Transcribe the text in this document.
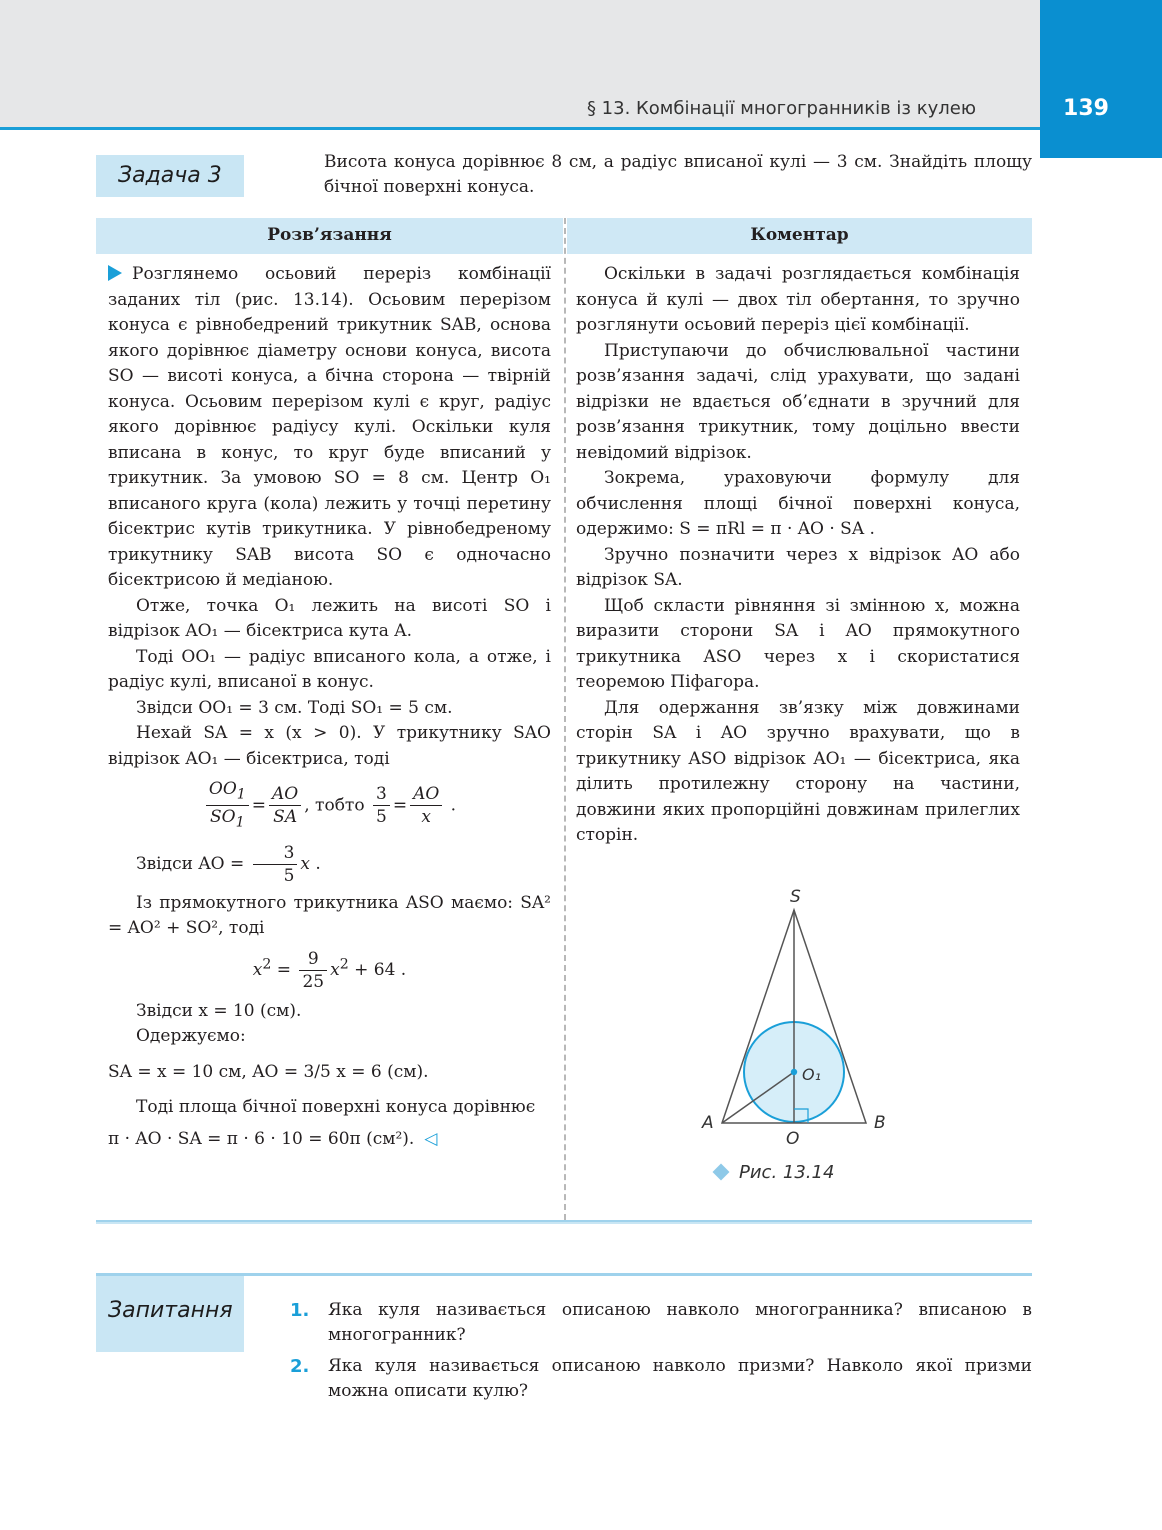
139
§ 13. Комбінації многогранників із кулею
Задача 3
Висота конуса дорівнює 8 см, а радіус вписаної кулі — 3 см. Знайдіть площу бічної поверхні конуса.
Розв’язання	Коментар

Розглянемо осьовий переріз комбінації заданих тіл (рис. 13.14). Осьовим перерізом конуса є рівнобедрений трикутник SAB, основа якого дорівнює діаметру основи конуса, висота SO — висоті конуса, а бічна сторона — твірній конуса. Осьовим перерізом кулі є круг, радіус якого дорівнює радіусу кулі. Оскільки куля вписана в конус, то круг буде вписаний у трикутник. За умовою SO = 8 см. Центр O₁ вписаного круга (кола) лежить у точці перетину бісектрис кутів трикутника. У рівнобедреному трикутнику SAB висота SO є одночасно бісектрисою й медіаною.

Отже, точка O₁ лежить на висоті SO і відрізок AO₁ — бісектриса кута A.

Тоді OO₁ — радіус вписаного кола, а отже, і радіус кулі, вписаної в конус.

Звідси OO₁ = 3 см. Тоді SO₁ = 5 см.

Нехай SA = x (x > 0). У трикутнику SAO відрізок AO₁ — бісектриса, тоді

$\frac{OO_1}{SO_1} = \frac{AO}{SA}$ , тобто $\frac{3}{5} = \frac{AO}{x}$ .

Звідси AO = $\frac{3}{5}$ x .

Із прямокутного трикутника ASO маємо: SA² = AO² + SO², тоді

$x^2 = \frac{9}{25} x^2 + 64$ .

Звідси x = 10 (см).

Одержуємо:

SA = x = 10 см, AO = 3/5 x = 6 (см).

Тоді площа бічної поверхні конуса дорівнює

π · AO · SA = π · 6 · 10 = 60π (см²). ◁

Оскільки в задачі розглядається комбінація конуса й кулі — двох тіл обертання, то зручно розглянути осьовий переріз цієї комбінації.

Приступаючи до обчислювальної частини розв’язання задачі, слід урахувати, що задані відрізки не вдається об’єднати в зручний для розв’язання трикутник, тому доцільно ввести невідомий відрізок.

Зокрема, ураховуючи формулу для обчислення площі бічної поверхні конуса, одержимо: S = πRl = π · AO · SA .

Зручно позначити через x відрізок AO або відрізок SA.

Щоб скласти рівняння зі змінною x, можна виразити сторони SA і AO прямокутного трикутника ASO через x і скористатися теоремою Піфагора.

Для одержання зв’язку між довжинами сторін SA і AO зручно врахувати, що в трикутнику ASO відрізок AO₁ — бісектриса, яка ділить протилежну сторону на частини, довжини яких пропорційні довжинам прилеглих сторін.

S
A	B
O
O₁
Рис. 13.14
Запитання	1.	Яка куля називається описаною навколо многогранника? вписаною в многогранник?
2.	Яка куля називається описаною навколо призми? Навколо якої призми можна описати кулю?
